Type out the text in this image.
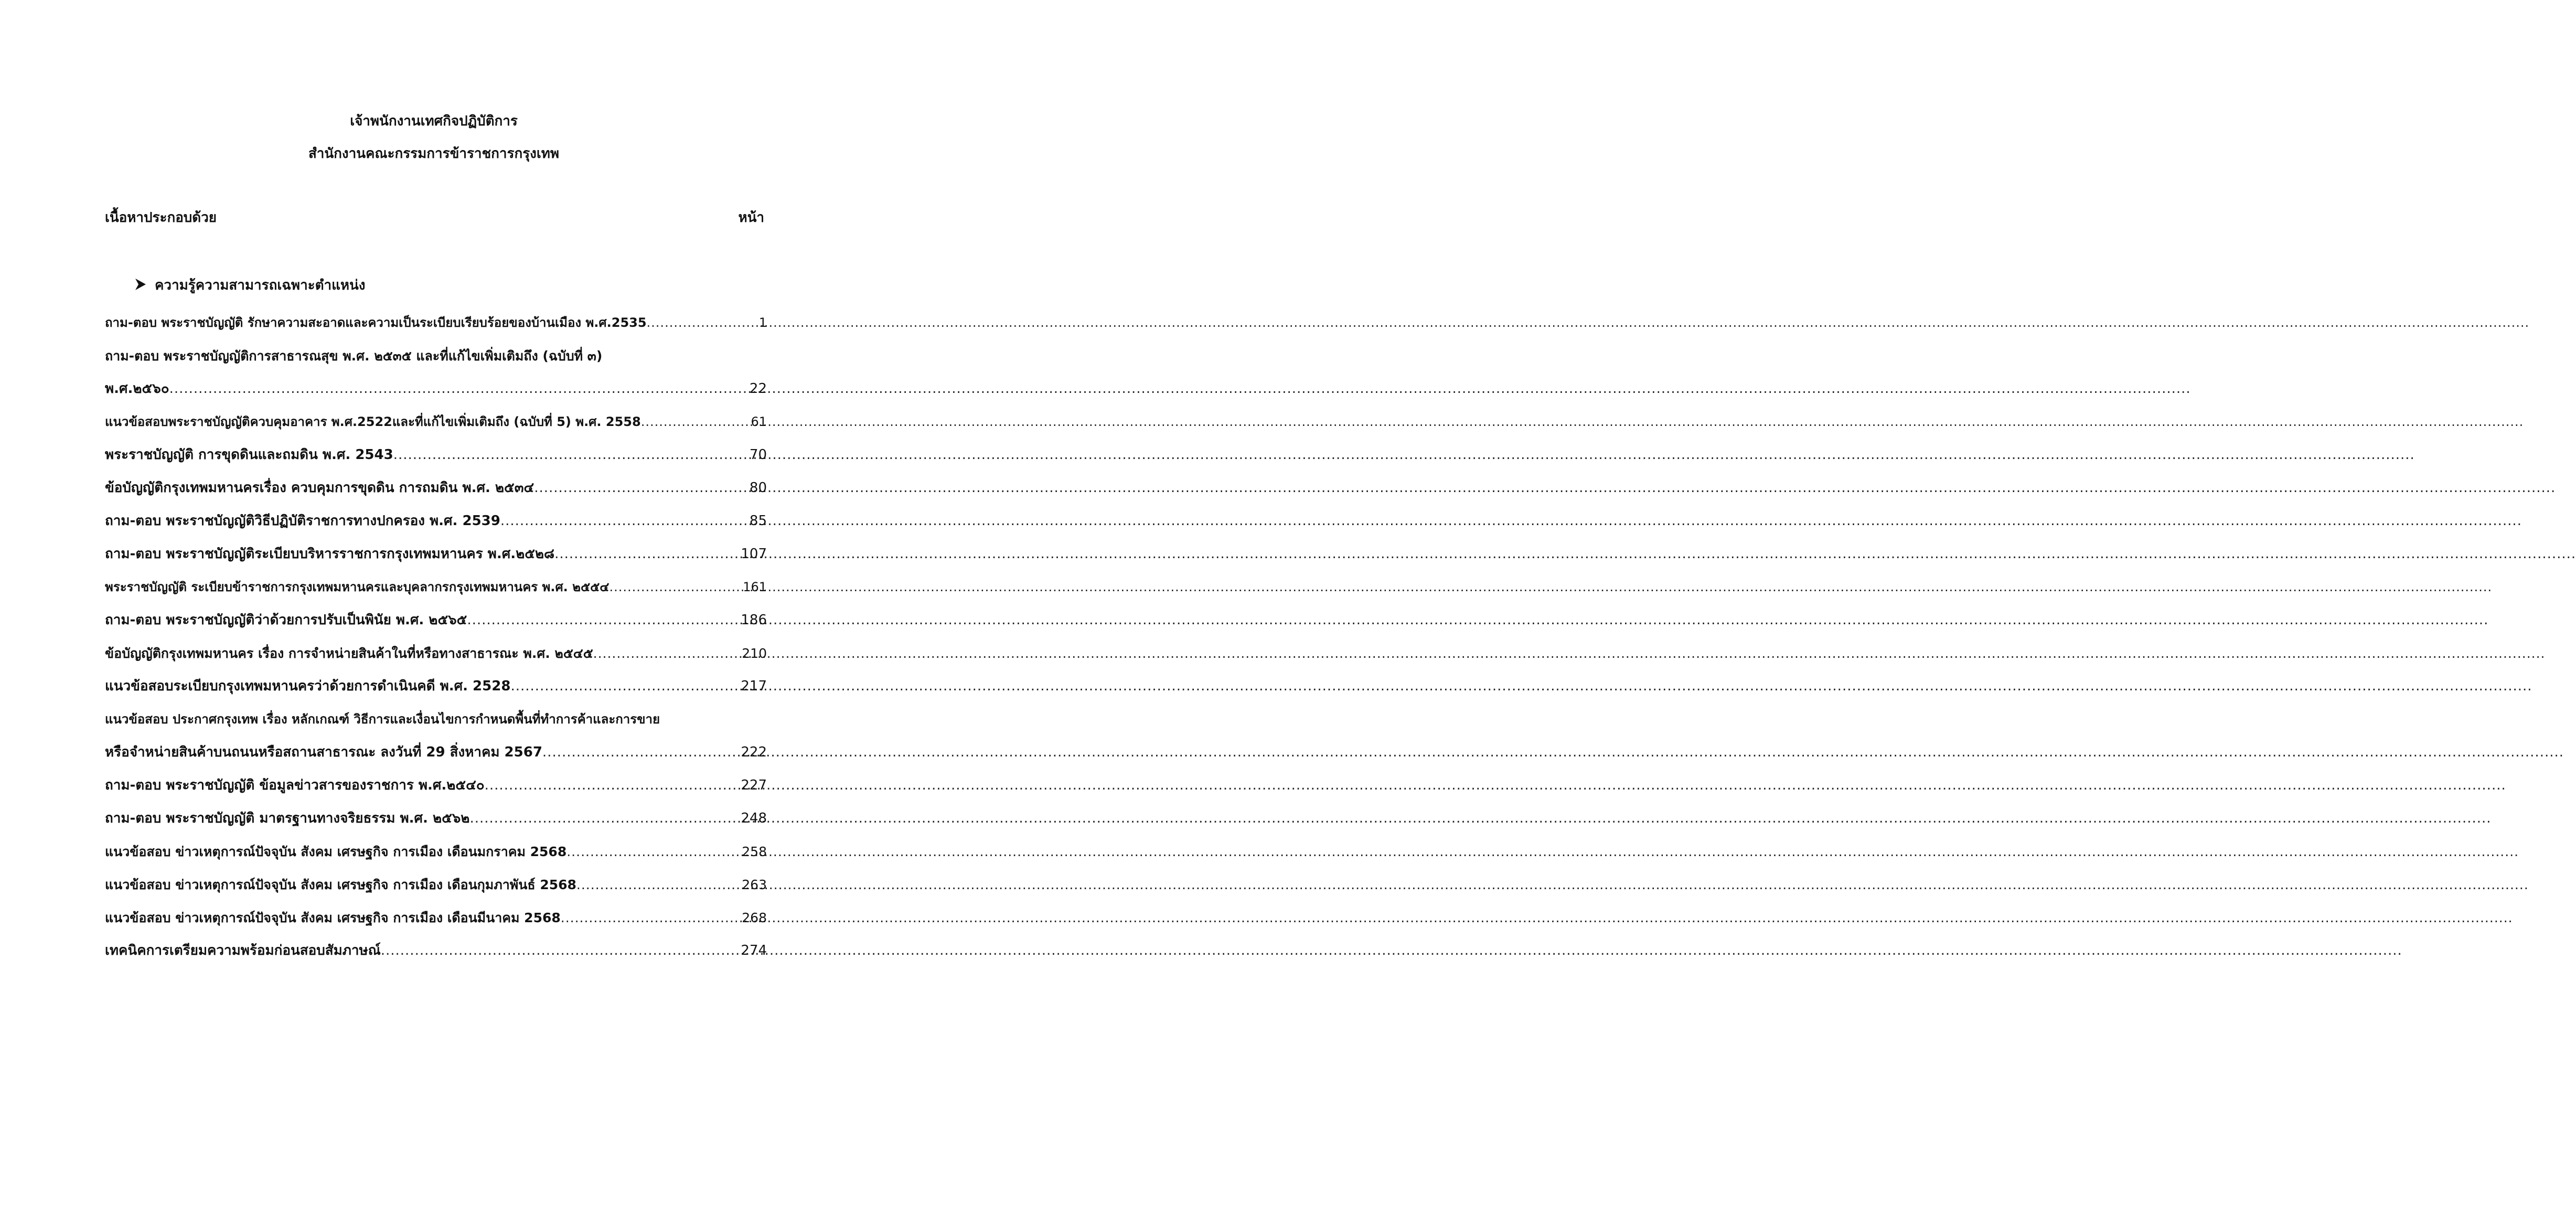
เจ้าพนักงานเทศกิจปฏิบัติการ
สำนักงานคณะกรรมการข้าราชการกรุงเทพ
เนื้อหาประกอบด้วย	หน้า
ความรู้ความสามารถเฉพาะตำแหน่ง
ถาม-ตอบ พระราชบัญญัติ รักษาความสะอาดและความเป็นระเบียบเรียบร้อยของบ้านเมือง พ.ศ.2535 .....	1
ถาม-ตอบ พระราชบัญญัติการสาธารณสุข พ.ศ. ๒๕๓๕ และที่แก้ไขเพิ่มเติมถึง (ฉบับที่ ๓)
พ.ศ.๒๕๖๐ .....	22
แนวข้อสอบพระราชบัญญัติควบคุมอาคาร พ.ศ.2522และที่แก้ไขเพิ่มเติมถึง (ฉบับที่ 5) พ.ศ. 2558 .....	61
พระราชบัญญัติ การขุดดินและถมดิน พ.ศ. 2543 .....	70
ข้อบัญญัติกรุงเทพมหานครเรื่อง ควบคุมการขุดดิน การถมดิน พ.ศ. ๒๕๓๔ .....	80
ถาม-ตอบ พระราชบัญญัติวิธีปฏิบัติราชการทางปกครอง พ.ศ. 2539 .....	85
ถาม-ตอบ พระราชบัญญัติระเบียบบริหารราชการกรุงเทพมหานคร พ.ศ.๒๕๒๘ .....	107
พระราชบัญญัติ ระเบียบข้าราชการกรุงเทพมหานครและบุคลากรกรุงเทพมหานคร พ.ศ. ๒๕๕๔ .....	161
ถาม-ตอบ พระราชบัญญัติว่าด้วยการปรับเป็นพินัย พ.ศ. ๒๕๖๕ .....	186
ข้อบัญญัติกรุงเทพมหานคร เรื่อง การจำหน่ายสินค้าในที่หรือทางสาธารณะ พ.ศ. ๒๕๔๕ .....	210
แนวข้อสอบระเบียบกรุงเทพมหานครว่าด้วยการดำเนินคดี พ.ศ. 2528 .....	217
แนวข้อสอบ ประกาศกรุงเทพ เรื่อง หลักเกณฑ์ วิธีการและเงื่อนไขการกำหนดพื้นที่ทำการค้าและการขาย
หรือจำหน่ายสินค้าบนถนนหรือสถานสาธารณะ ลงวันที่ 29 สิ่งหาคม 2567 .....	222
ถาม-ตอบ พระราชบัญญัติ ข้อมูลข่าวสารของราชการ พ.ศ.๒๕๔๐ .....	227
ถาม-ตอบ พระราชบัญญัติ มาตรฐานทางจริยธรรม พ.ศ. ๒๕๖๒ .....	248
แนวข้อสอบ ข่าวเหตุการณ์ปัจจุบัน สังคม เศรษฐกิจ การเมือง เดือนมกราคม 2568 .....	258
แนวข้อสอบ ข่าวเหตุการณ์ปัจจุบัน สังคม เศรษฐกิจ การเมือง เดือนกุมภาพันธ์ 2568 .....	263
แนวข้อสอบ ข่าวเหตุการณ์ปัจจุบัน สังคม เศรษฐกิจ การเมือง เดือนมีนาคม 2568 .....	268
เทคนิคการเตรียมความพร้อมก่อนสอบสัมภาษณ์ .....	274
